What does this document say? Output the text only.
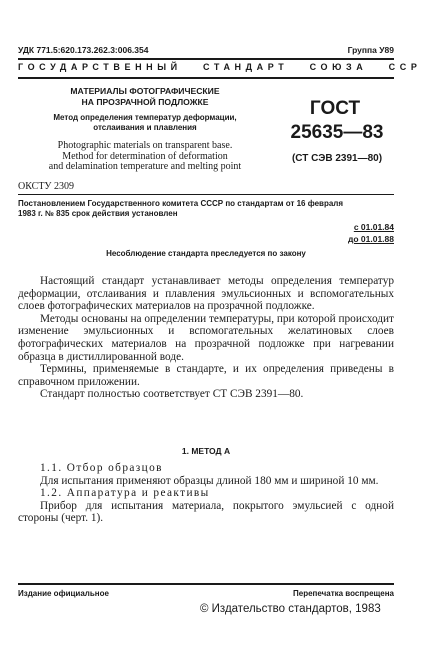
УДК 771.5:620.173.262.3:006.354	Группа У89
ГОСУДАРСТВЕННЫЙ   СТАНДАРТ   СОЮЗА   ССР
МАТЕРИАЛЫ ФОТОГРАФИЧЕСКИЕ
НА ПРОЗРАЧНОЙ ПОДЛОЖКЕ
Метод определения температур деформации,
отслаивания и плавления
Photographic materials on transparent base.
Method for determination of deformation
and delamination temperature and melting point
ГОСТ
25635—83
(СТ СЭВ 2391—80)
ОКСТУ 2309
Постановлением Государственного комитета СССР по стандартам от 16 февраля
1983 г. № 835 срок действия установлен
с 01.01.84
до 01.01.88
Несоблюдение стандарта преследуется по закону

Настоящий стандарт устанавливает методы определения температур деформации, отслаивания и плавления эмульсионных и вспомогательных слоев фотографических материалов на прозрачной подложке.

Методы основаны на определении температуры, при которой происходит изменение эмульсионных и вспомогательных желатиновых слоев фотографических материалов на прозрачной подложке при нагревании образца в дистиллированной воде.

Термины, применяемые в стандарте, и их определения приведены в справочном приложении.

Стандарт полностью соответствует СТ СЭВ 2391—80.

1. МЕТОД А

1.1. Отбор образцов

Для испытания применяют образцы длиной 180 мм и шириной 10 мм.

1.2. Аппаратура и реактивы

Прибор для испытания материала, покрытого эмульсией с одной стороны (черт. 1).

Издание официальное	Перепечатка воспрещена
© Издательство стандартов, 1983
